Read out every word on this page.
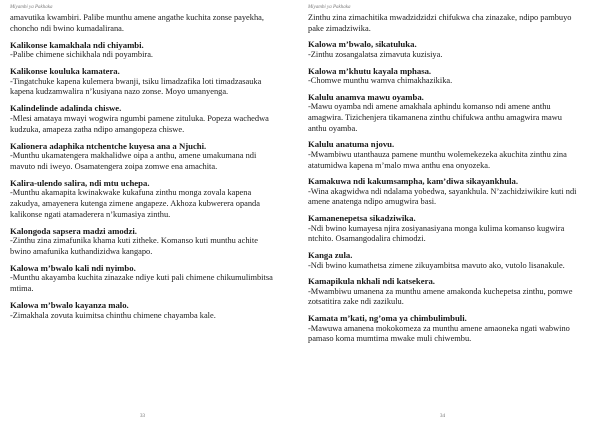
Miyambi ya Pakhaka

amavutika kwambiri. Palibe munthu amene angathe kuchita zonse payekha, choncho ndi bwino kumadalirana.

Kalikonse kamakhala ndi chiyambi.

-Palibe chimene sichikhala ndi poyambira.

Kalikonse kouluka kamatera.

-Tingatchuke kapena kulemera bwanji, tsiku limadzafika loti timadzasauka kapena kudzamwalira n’kusiyana nazo zonse. Moyo umanyenga.

Kalindelinde adalinda chiswe.

-Mlesi amataya mwayi wogwira ngumbi pamene zituluka. Popeza wachedwa kudzuka, amapeza zatha ndipo amangopeza chiswe.

Kalionera adaphika ntchentche kuyesa ana a Njuchi.

-Munthu ukamatengera makhalidwe oipa a anthu, amene umakumana ndi mavuto ndi iweyo. Osamatengera zoipa zomwe ena amachita.

Kalira-ulendo salira, ndi mtu uchepa.

-Munthu akamapita kwinakwake kukafuna zinthu monga zovala kapena zakudya, amayenera kutenga zimene angapeze. Akhoza kubwerera opanda kalikonse ngati atamaderera n’kumasiya zinthu.

Kalongoda sapsera madzi amodzi.

-Zinthu zina zimafunika khama kuti zitheke. Komanso kuti munthu achite bwino amafunika kuthandizidwa kangapo.

Kalowa m’bwalo kali ndi nyimbo.

-Munthu akayamba kuchita zinazake ndiye kuti pali chimene chikumulimbitsa mtima.

Kalowa m’bwalo kayanza malo.

-Zimakhala zovuta kuimitsa chinthu chimene chayamba kale.

33
Miyambi ya Pakhaka

Zinthu zina zimachitika mwadzidzidzi chifukwa cha zinazake, ndipo pambuyo pake zimadziwika.

Kalowa m’bwalo, sikatuluka.

-Zinthu zosangalatsa zimavuta kuzisiya.

Kalowa m’khutu kayala mphasa.

-Chomwe munthu wamva chimakhazikika.

Kalulu anamva mawu oyamba.

-Mawu oyamba ndi amene amakhala aphindu komanso ndi amene anthu amagwira. Tizichenjera tikamanena zinthu chifukwa anthu amagwira mawu anthu oyamba.

Kalulu anatuma njovu.

-Mwambiwu utanthauza pamene munthu wolemekezeka akuchita zinthu zina atatumidwa kapena m’malo mwa anthu ena onyozeka.

Kamakuwa ndi kakumsampha, kam’diwa sikayankhula.

-Wina akagwidwa ndi ndalama yobedwa, sayankhula. N’zachidziwikire kuti ndi amene anatenga ndipo amugwira basi.

Kamanenepetsa sikadziwika.

-Ndi bwino kumayesa njira zosiyanasiyana monga kulima komanso kugwira ntchito. Osamangodalira chimodzi.

Kanga zula.

-Ndi bwino kumathetsa zimene zikuyambitsa mavuto ako, vutolo lisanakule.

Kamapikula nkhali ndi katsekera.

-Mwambiwu umanena za munthu amene amakonda kuchepetsa zinthu, pomwe zotsatitira zake ndi zazikulu.

Kamata m’kati, ng’oma ya chimbulimbuli.

-Mawuwa amanena mokokomeza za munthu amene amaoneka ngati wabwino pamaso koma mumtima mwake muli chiwembu.

34
